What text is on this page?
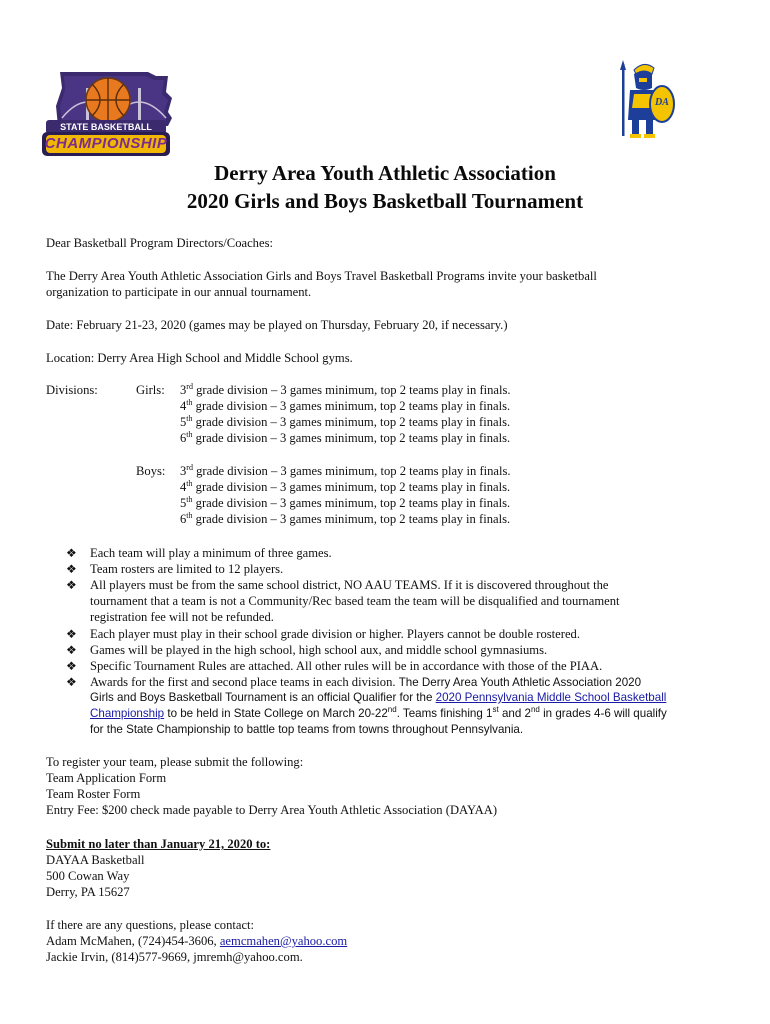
STATE BASKETBALL
CHAMPIONSHIP
DA
Derry Area Youth Athletic Association
2020 Girls and Boys Basketball Tournament
Dear Basketball Program Directors/Coaches:
The Derry Area Youth Athletic Association Girls and Boys Travel Basketball Programs invite your basketball
organization to participate in our annual tournament.
Date: February 21-23, 2020 (games may be played on Thursday, February 20, if necessary.)
Location: Derry Area High School and Middle School gyms.
Divisions:	Girls: 3rd grade division – 3 games minimum, top 2 teams play in finals.
4th grade division – 3 games minimum, top 2 teams play in finals.
5th grade division – 3 games minimum, top 2 teams play in finals.
6th grade division – 3 games minimum, top 2 teams play in finals.
Boys: 3rd grade division – 3 games minimum, top 2 teams play in finals.
4th grade division – 3 games minimum, top 2 teams play in finals.
5th grade division – 3 games minimum, top 2 teams play in finals.
6th grade division – 3 games minimum, top 2 teams play in finals.
❖ Each team will play a minimum of three games.
❖ Team rosters are limited to 12 players.
❖ All players must be from the same school district, NO AAU TEAMS. If it is discovered throughout the
tournament that a team is not a Community/Rec based team the team will be disqualified and tournament
registration fee will not be refunded.
❖ Each player must play in their school grade division or higher. Players cannot be double rostered.
❖ Games will be played in the high school, high school aux, and middle school gymnasiums.
❖ Specific Tournament Rules are attached. All other rules will be in accordance with those of the PIAA.
❖ Awards for the first and second place teams in each division. The Derry Area Youth Athletic Association 2020
Girls and Boys Basketball Tournament is an official Qualifier for the 2020 Pennsylvania Middle School Basketball
Championship to be held in State College on March 20-22nd. Teams finishing 1st and 2nd in grades 4-6 will qualify
for the State Championship to battle top teams from towns throughout Pennsylvania.
To register your team, please submit the following:
Team Application Form
Team Roster Form
Entry Fee: $200 check made payable to Derry Area Youth Athletic Association (DAYAA)
Submit no later than January 21, 2020 to:
DAYAA Basketball
500 Cowan Way
Derry, PA 15627
If there are any questions, please contact:
Adam McMahen, (724)454-3606, aemcmahen@yahoo.com
Jackie Irvin, (814)577-9669, jmremh@yahoo.com.
